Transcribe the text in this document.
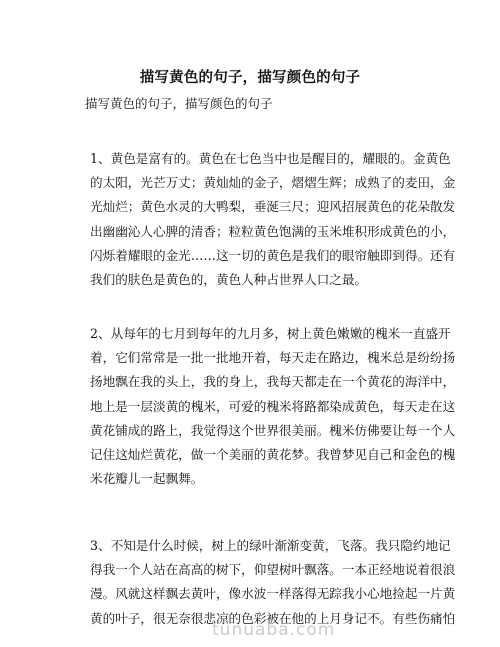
描写黄色的句子，描写颜色的句子
描写黄色的句子，描写颜色的句子
1、黄色是富有的。黄色在七色当中也是醒目的，耀眼的。金黄色
的太阳，光芒万丈；黄灿灿的金子，熠熠生辉；成熟了的麦田，金
光灿烂；黄色水灵的大鸭梨，垂涎三尺；迎风招展黄色的花朵散发
出幽幽沁人心脾的清香；粒粒黄色饱满的玉米堆积形成黄色的小，
闪烁着耀眼的金光……这一切的黄色是我们的眼帘触即到得。还有
我们的肤色是黄色的，黄色人种占世界人口之最。
2、从每年的七月到每年的九月多，树上黄色嫩嫩的槐米一直盛开
着，它们常常是一批一批地开着，每天走在路边，槐米总是纷纷扬
扬地飘在我的头上，我的身上，我每天都走在一个黄花的海洋中，
地上是一层淡黄的槐米，可爱的槐米将路都染成黄色，每天走在这
黄花铺成的路上，我觉得这个世界很美丽。槐米仿佛要让每一个人
记住这灿烂黄花，做一个美丽的黄花梦。我曾梦见自己和金色的槐
米花瓣儿一起飘舞。
3、不知是什么时候，树上的绿叶渐渐变黄，飞落。我只隐约地记
得我一个人站在高高的树下，仰望树叶飘落。一本正经地说着很浪
漫。风就这样飘去黄叶，像水波一样落得无踪我小心地捡起一片黄
黄的叶子，很无奈很悲凉的色彩被在他的上月身记不。有些伤痛怕
tunuaba.com
